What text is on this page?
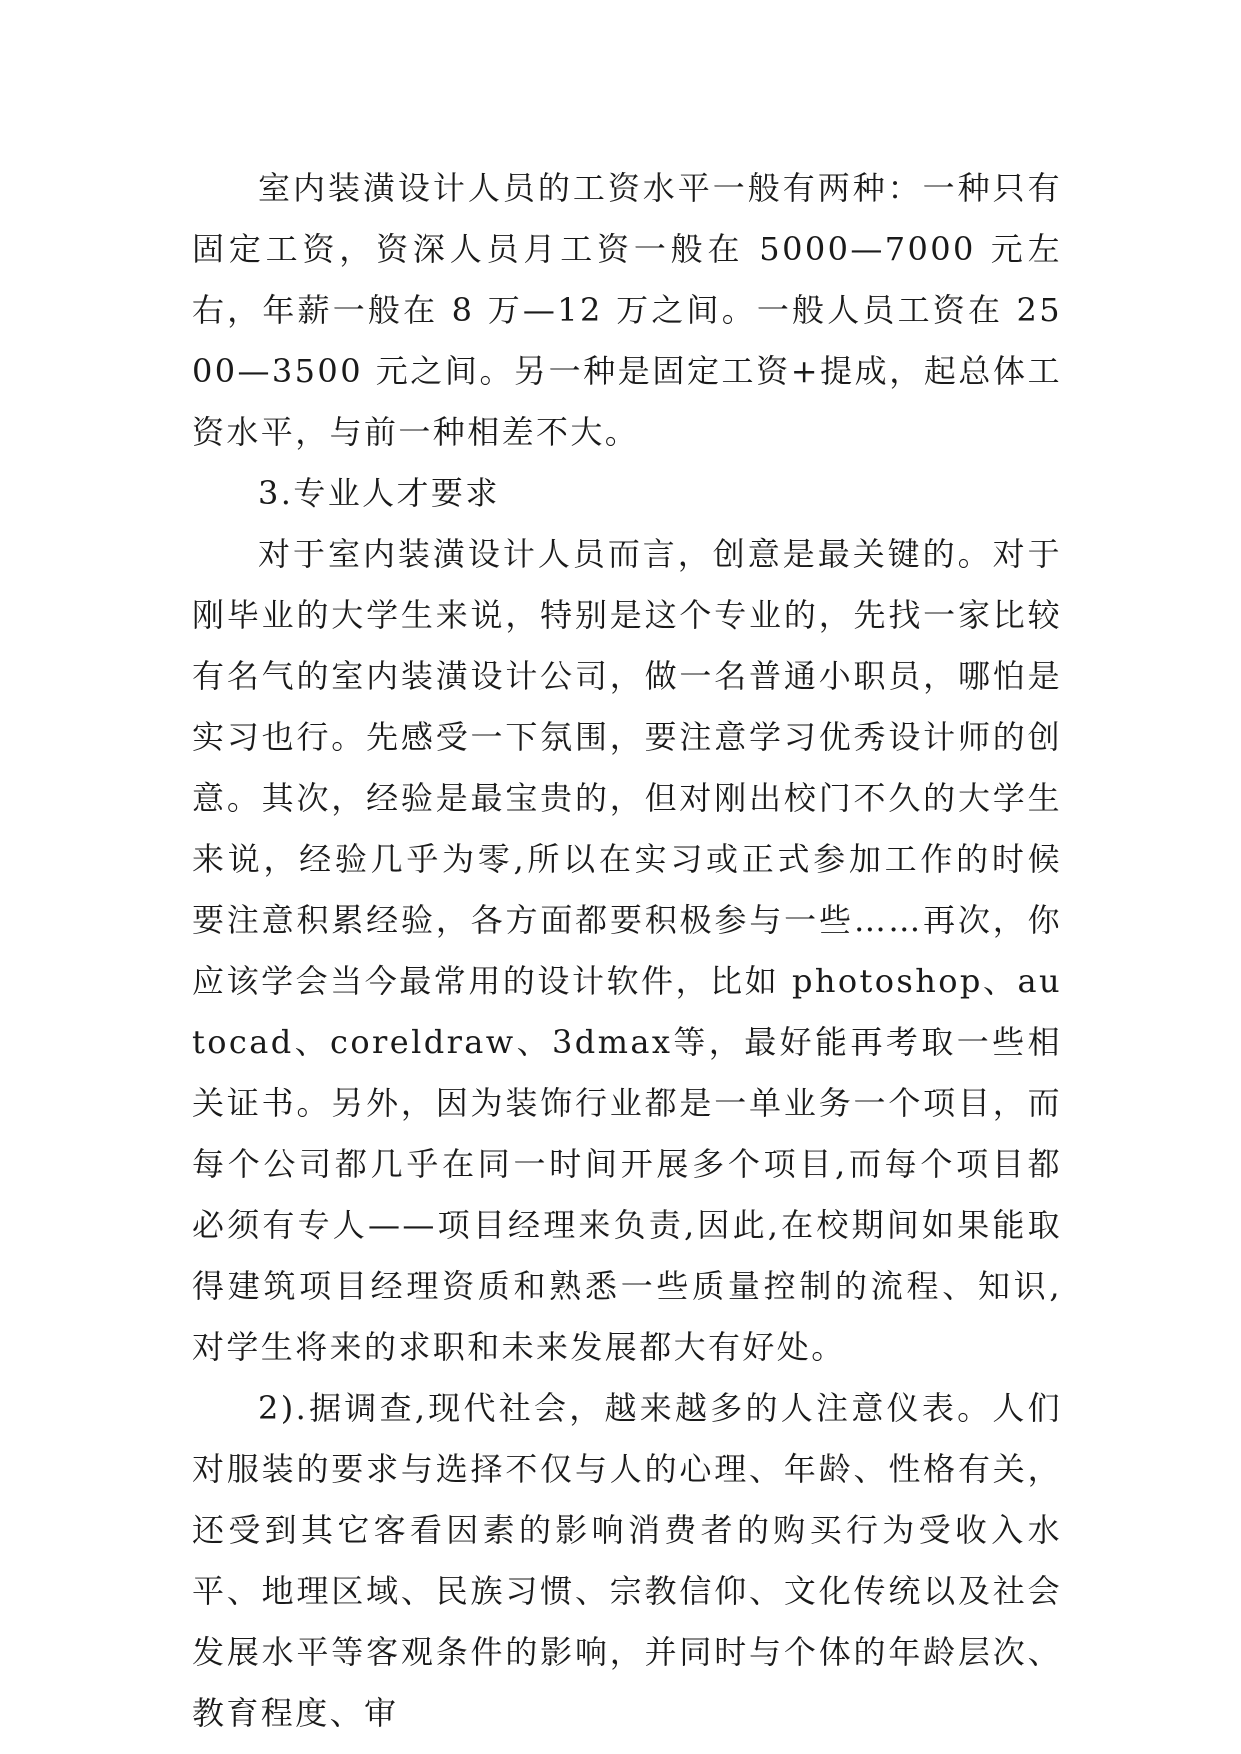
室内装潢设计人员的工资水平一般有两种：一种只有固定工资，资深人员月工资一般在 5000—7000 元左右，年薪一般在 8 万—12 万之间。一般人员工资在 2500—3500 元之间。另一种是固定工资+提成，起总体工资水平，与前一种相差不大。

3.专业人才要求

对于室内装潢设计人员而言，创意是最关键的。对于刚毕业的大学生来说，特别是这个专业的，先找一家比较有名气的室内装潢设计公司，做一名普通小职员，哪怕是实习也行。先感受一下氛围，要注意学习优秀设计师的创意。其次，经验是最宝贵的，但对刚出校门不久的大学生来说，经验几乎为零,所以在实习或正式参加工作的时候要注意积累经验，各方面都要积极参与一些……再次，你应该学会当今最常用的设计软件，比如 photoshop、autocad、coreldraw、3dmax等，最好能再考取一些相关证书。另外，因为装饰行业都是一单业务一个项目，而每个公司都几乎在同一时间开展多个项目,而每个项目都必须有专人——项目经理来负责,因此,在校期间如果能取得建筑项目经理资质和熟悉一些质量控制的流程、知识,对学生将来的求职和未来发展都大有好处。

2).据调查,现代社会，越来越多的人注意仪表。人们对服装的要求与选择不仅与人的心理、年龄、性格有关，还受到其它客看因素的影响消费者的购买行为受收入水平、地理区域、民族习惯、宗教信仰、文化传统以及社会发展水平等客观条件的影响，并同时与个体的年龄层次、教育程度、审
